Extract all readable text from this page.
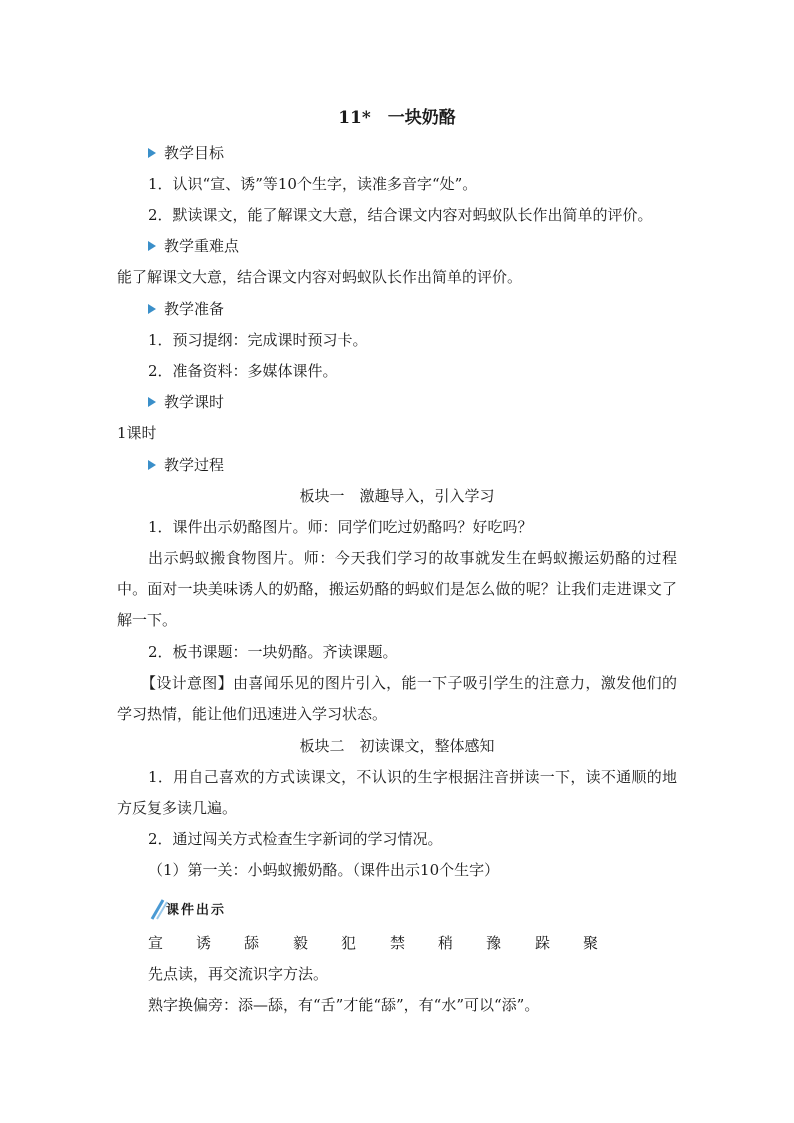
11*　一块奶酪
教学目标
1．认识“宣、诱”等10个生字，读准多音字“处”。
2．默读课文，能了解课文大意，结合课文内容对蚂蚁队长作出简单的评价。
教学重难点
能了解课文大意，结合课文内容对蚂蚁队长作出简单的评价。
教学准备
1．预习提纲：完成课时预习卡。
2．准备资料：多媒体课件。
教学课时
1课时
教学过程
板块一　激趣导入，引入学习
1．课件出示奶酪图片。师：同学们吃过奶酪吗？好吃吗？
出示蚂蚁搬食物图片。师：今天我们学习的故事就发生在蚂蚁搬运奶酪的过程中。面对一块美味诱人的奶酪，搬运奶酪的蚂蚁们是怎么做的呢？让我们走进课文了解一下。
2．板书课题：一块奶酪。齐读课题。
【设计意图】由喜闻乐见的图片引入，能一下子吸引学生的注意力，激发他们的学习热情，能让他们迅速进入学习状态。
板块二　初读课文，整体感知
1．用自己喜欢的方式读课文，不认识的生字根据注音拼读一下，读不通顺的地方反复多读几遍。
2．通过闯关方式检查生字新词的学习情况。
（1）第一关：小蚂蚁搬奶酪。（课件出示10个生字）
课件出示
宣 诱 舔 毅 犯 禁 稍 豫 跺 聚
先点读，再交流识字方法。
熟字换偏旁：添—舔，有“舌”才能“舔”，有“水”可以“添”。
